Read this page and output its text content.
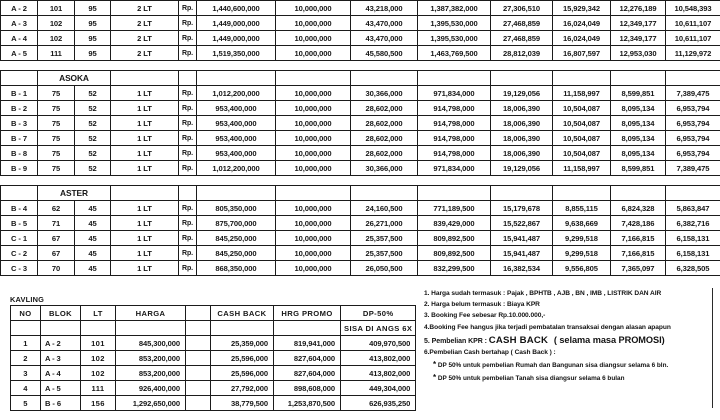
A - 2	101	95	2 LT	Rp.	1,440,600,000	10,000,000	43,218,000	1,387,382,000	27,306,510	15,929,342	12,276,189	10,548,393
A - 3	102	95	2 LT	Rp.	1,449,000,000	10,000,000	43,470,000	1,395,530,000	27,468,859	16,024,049	12,349,177	10,611,107
A - 4	102	95	2 LT	Rp.	1,449,000,000	10,000,000	43,470,000	1,395,530,000	27,468,859	16,024,049	12,349,177	10,611,107
A - 5	111	95	2 LT	Rp.	1,519,350,000	10,000,000	45,580,500	1,463,769,500	28,812,039	16,807,597	12,953,030	11,129,972

	ASOKA											
B - 1	75	52	1 LT	Rp.	1,012,200,000	10,000,000	30,366,000	971,834,000	19,129,056	11,158,997	8,599,851	7,389,475
B - 2	75	52	1 LT	Rp.	953,400,000	10,000,000	28,602,000	914,798,000	18,006,390	10,504,087	8,095,134	6,953,794
B - 3	75	52	1 LT	Rp.	953,400,000	10,000,000	28,602,000	914,798,000	18,006,390	10,504,087	8,095,134	6,953,794
B - 7	75	52	1 LT	Rp.	953,400,000	10,000,000	28,602,000	914,798,000	18,006,390	10,504,087	8,095,134	6,953,794
B - 8	75	52	1 LT	Rp.	953,400,000	10,000,000	28,602,000	914,798,000	18,006,390	10,504,087	8,095,134	6,953,794
B - 9	75	52	1 LT	Rp.	1,012,200,000	10,000,000	30,366,000	971,834,000	19,129,056	11,158,997	8,599,851	7,389,475

	ASTER											
B - 4	62	45	1 LT	Rp.	805,350,000	10,000,000	24,160,500	771,189,500	15,179,678	8,855,115	6,824,328	5,863,847
B - 5	71	45	1 LT	Rp.	875,700,000	10,000,000	26,271,000	839,429,000	15,522,867	9,638,669	7,428,186	6,382,716
C - 1	67	45	1 LT	Rp.	845,250,000	10,000,000	25,357,500	809,892,500	15,941,487	9,299,518	7,166,815	6,158,131
C - 2	67	45	1 LT	Rp.	845,250,000	10,000,000	25,357,500	809,892,500	15,941,487	9,299,518	7,166,815	6,158,131
C - 3	70	45	1 LT	Rp.	868,350,000	10,000,000	26,050,500	832,299,500	16,382,534	9,556,805	7,365,097	6,328,505
KAVLING
NO	BLOK	LT	HARGA		CASH BACK	HRG PROMO	DP-50%
							SISA DI ANGS 6X
1	A - 2	101	845,300,000		25,359,000	819,941,000	409,970,500
2	A - 3	102	853,200,000		25,596,000	827,604,000	413,802,000
3	A - 4	102	853,200,000		25,596,000	827,604,000	413,802,000
4	A - 5	111	926,400,000		27,792,000	898,608,000	449,304,000
5	B - 6	156	1,292,650,000		38,779,500	1,253,870,500	626,935,250
1. Harga sudah termasuk : Pajak , BPHTB , AJB , BN , IMB , LISTRIK DAN AIR
2. Harga belum termasuk : Biaya KPR
3. Booking Fee sebesar Rp.10.000.000,-
4.Booking Fee hangus jika terjadi pembatalan transaksai dengan alasan apapun
5. Pembelian KPR : CASH BACK ( selama masa PROMOSI)
6.Pembelian Cash bertahap ( Cash Back ) :
* DP 50% untuk pembelian Rumah dan Bangunan sisa diangsur selama 6 bln.
* DP 50% untuk pembelian Tanah sisa diangsur selama 6 bulan
